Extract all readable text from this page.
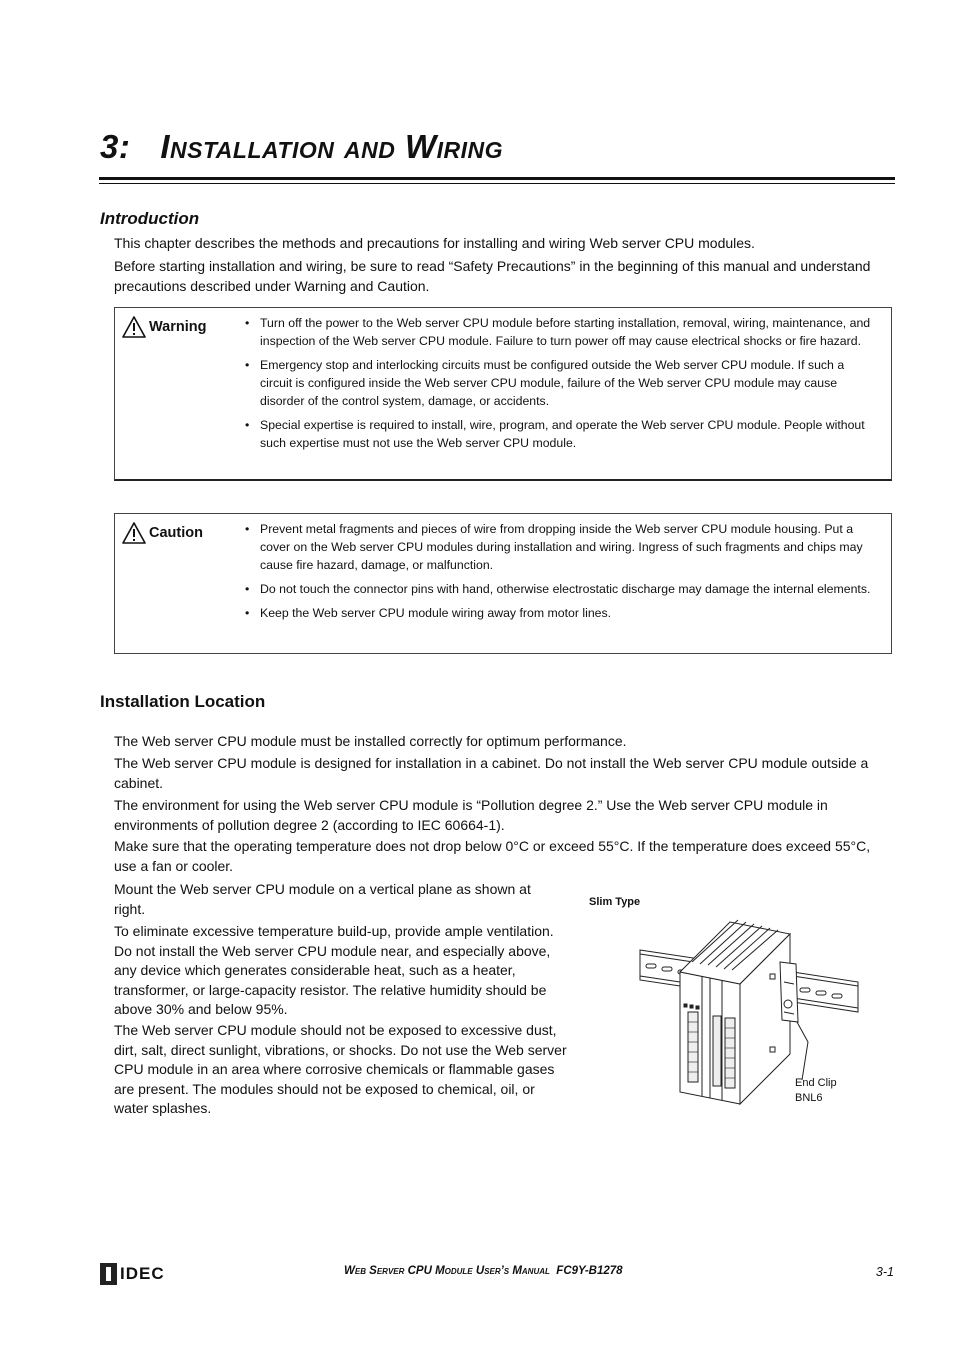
3: Installation and Wiring
Introduction

This chapter describes the methods and precautions for installing and wiring Web server CPU modules.

Before starting installation and wiring, be sure to read “Safety Precautions” in the beginning of this manual and understand precautions described under Warning and Caution.

Warning	• Turn off the power to the Web server CPU module before starting installation, removal, wiring, maintenance, and inspection of the Web server CPU module. Failure to turn power off may cause electrical shocks or fire hazard.
• Emergency stop and interlocking circuits must be configured outside the Web server CPU module. If such a circuit is configured inside the Web server CPU module, failure of the Web server CPU module may cause disorder of the control system, damage, or accidents.
• Special expertise is required to install, wire, program, and operate the Web server CPU module. People without such expertise must not use the Web server CPU module.
Caution	• Prevent metal fragments and pieces of wire from dropping inside the Web server CPU module housing. Put a cover on the Web server CPU modules during installation and wiring. Ingress of such fragments and chips may cause fire hazard, damage, or malfunction.
• Do not touch the connector pins with hand, otherwise electrostatic discharge may damage the internal elements.
• Keep the Web server CPU module wiring away from motor lines.
Installation Location

The Web server CPU module must be installed correctly for optimum performance.

The Web server CPU module is designed for installation in a cabinet. Do not install the Web server CPU module outside a cabinet.

The environment for using the Web server CPU module is “Pollution degree 2.” Use the Web server CPU module in environments of pollution degree 2 (according to IEC 60664-1).

Make sure that the operating temperature does not drop below 0°C or exceed 55°C. If the temperature does exceed 55°C, use a fan or cooler.

Mount the Web server CPU module on a vertical plane as shown at right.

To eliminate excessive temperature build-up, provide ample ventilation. Do not install the Web server CPU module near, and especially above, any device which generates considerable heat, such as a heater, transformer, or large-capacity resistor. The relative humidity should be above 30% and below 95%.

The Web server CPU module should not be exposed to excessive dust, dirt, salt, direct sunlight, vibrations, or shocks. Do not use the Web server CPU module in an area where corrosive chemicals or flammable gases are present. The modules should not be exposed to chemical, oil, or water splashes.

Slim Type

End Clip
BNL6
IDEC	Web Server CPU Module User’s Manual FC9Y-B1278	3-1
